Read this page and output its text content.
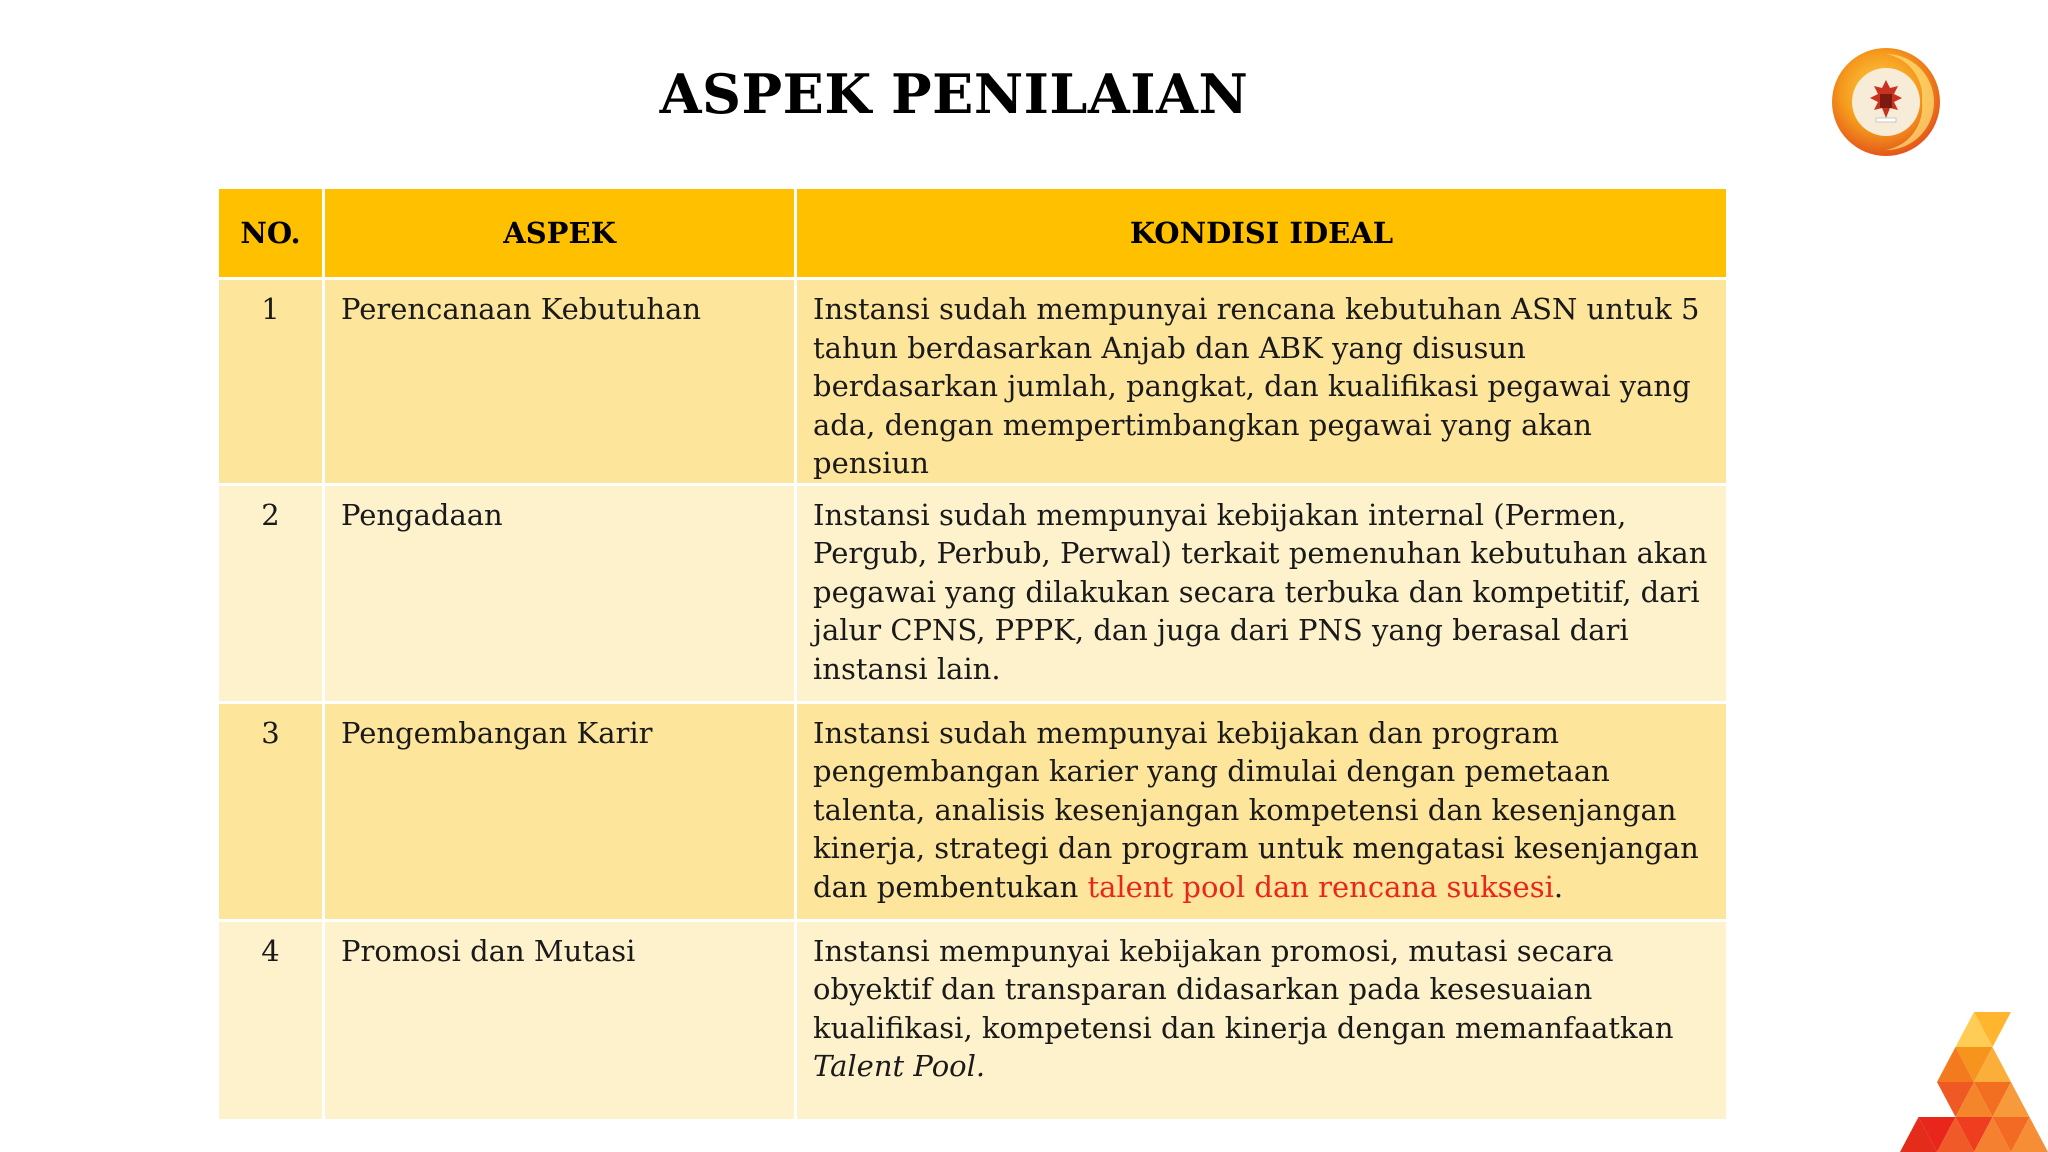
ASPEK PENILAIAN
NO.	ASPEK	KONDISI IDEAL
1	Perencanaan Kebutuhan	Instansi sudah mempunyai rencana kebutuhan ASN untuk 5 tahun berdasarkan Anjab dan ABK yang disusun berdasarkan jumlah, pangkat, dan kualifikasi pegawai yang ada, dengan mempertimbangkan pegawai yang akan pensiun
2	Pengadaan	Instansi sudah mempunyai kebijakan internal (Permen, Pergub, Perbub, Perwal) terkait pemenuhan kebutuhan akan pegawai yang dilakukan secara terbuka dan kompetitif, dari jalur CPNS, PPPK, dan juga dari PNS yang berasal dari instansi lain.
3	Pengembangan Karir	Instansi sudah mempunyai kebijakan dan program pengembangan karier yang dimulai dengan pemetaan talenta, analisis kesenjangan kompetensi dan kesenjangan kinerja, strategi dan program untuk mengatasi kesenjangan dan pembentukan talent pool dan rencana suksesi.
4	Promosi dan Mutasi	Instansi mempunyai kebijakan promosi, mutasi secara obyektif dan transparan didasarkan pada kesesuaian kualifikasi, kompetensi dan kinerja dengan memanfaatkan Talent Pool.
